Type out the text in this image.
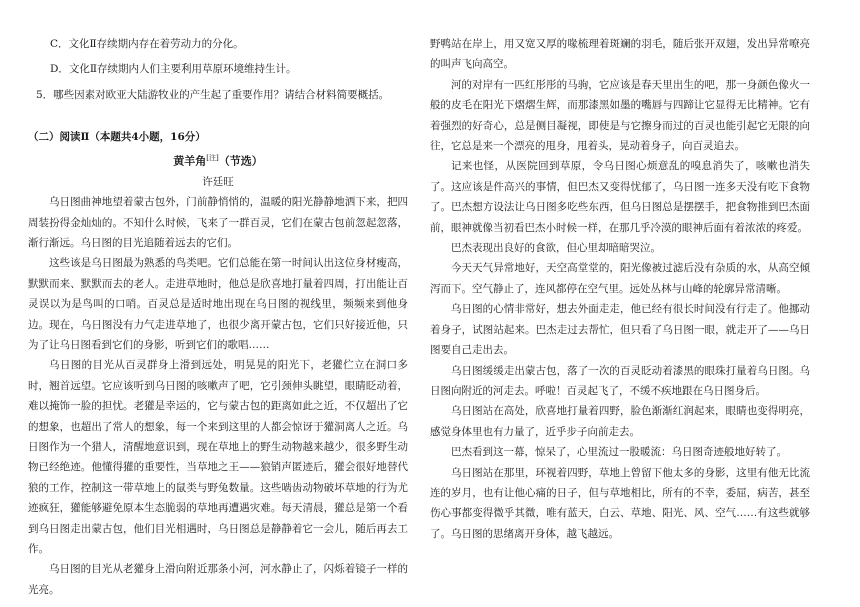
C．文化Ⅱ存续期内存在着劳动力的分化。

D．文化Ⅱ存续期内人们主要利用草原环境维持生计。

5．哪些因素对欧亚大陆游牧业的产生起了重要作用？请结合材料简要概括。

（二）阅读Ⅱ（本题共4小题，16分）

黄羊角[注]（节选）

许廷旺

乌日图曲神地望着蒙古包外，门前静悄悄的，温暖的阳光静静地洒下来，把四周装扮得金灿灿的。不知什么时候，飞来了一群百灵，它们在蒙古包前忽起忽落，渐行渐远。乌日图的目光追随着远去的它们。

这些该是乌日图最为熟悉的鸟类吧。它们总能在第一时间认出这位身材瘦高，默默而来、默默而去的老人。走进草地时，他总是欣喜地打量着四周，打出能让百灵误以为是鸟叫的口哨。百灵总是适时地出现在乌日图的视线里，频频来到他身边。现在，乌日图没有力气走进草地了，也很少离开蒙古包，它们只好接近他，只为了让乌日图看到它们的身影，听到它们的歌唱……

乌日图的目光从百灵群身上滑到远处，明晃晃的阳光下，老獾伫立在洞口多时，翘首远望。它应该听到乌日图的咳嗽声了吧，它引颈伸头眺望，眼睛眨动着，难以掩饰一脸的担忧。老獾是幸运的，它与蒙古包的距离如此之近，不仅超出了它的想象，也超出了常人的想象，每一个来到这里的人都会惊讶于獾洞离人之近。乌日图作为一个猎人，清醒地意识到，现在草地上的野生动物越来越少，很多野生动物已经绝迹。他懂得獾的重要性，当草地之王——狼销声匿迹后，獾会很好地替代狼的工作，控制这一带草地上的鼠类与野兔数量。这些啮齿动物破坏草地的行为尤迹疯狂，獾能够避免原本生态脆弱的草地再遭遇灾难。每天清晨，獾总是第一个看到乌日图走出蒙古包，他们目光相遇时，乌日图总是静静着它一会儿，随后再去工作。

乌日图的目光从老獾身上滑向附近那条小河，河水静止了，闪烁着镜子一样的光亮。

野鸭站在岸上，用又宽又厚的喙梳理着斑斓的羽毛，随后张开双翅，发出异常嘹亮的叫声飞向高空。

河的对岸有一匹红彤彤的马驹，它应该是春天里出生的吧，那一身颜色像火一般的皮毛在阳光下熠熠生辉，而那漆黑如墨的嘴唇与四蹄让它显得无比精神。它有着强烈的好奇心，总是侧目凝视，即使是与它擦身而过的百灵也能引起它无限的向往，它总是来一个漂亮的甩身，甩着头，晃动着身子，向百灵追去。

记来也怪，从医院回到草原，令乌日图心烦意乱的嗅息消失了，咳嗽也消失了。这应该是件高兴的事情，但巴杰又变得忧郁了，乌日图一连多天没有吃下食物了。巴杰想方设法让乌日图多吃些东西，但乌日图总是摆摆手，把食物推到巴杰面前，眼神就像当初看巴杰小时候一样，在那几乎冷漠的眼神后面有着浓浓的疼爱。

巴杰表现出良好的食欲，但心里却暗暗哭泣。

今天天气异常地好，天空高堂堂的，阳光像被过滤后没有杂质的水，从高空倾泻而下。空气静止了，连风都停在空气里。远处丛林与山峰的轮廓异常清晰。

乌日图的心情非常好，想去外面走走，他已经有很长时间没有行走了。他挪动着身子，试图站起来。巴杰走过去帮忙，但只看了乌日图一眼，就走开了——乌日图要自己走出去。

乌日图缓缓走出蒙古包，落了一次的百灵眨动着漆黑的眼珠打量着乌日图。乌日图向附近的河走去。呼啦！百灵起飞了，不缓不疾地跟在乌日图身后。

乌日图站在高处，欣喜地打量着四野，脸色渐渐红润起来，眼睛也变得明亮，感觉身体里也有力量了，近乎步子向前走去。

巴杰看到这一幕，惊呆了，心里流过一股暖流：乌日图奇迹般地好转了。

乌日图站在那里，环视着四野，草地上曾留下他太多的身影，这里有他无比流连的岁月，也有让他心痛的日子，但与草地相比，所有的不幸，委屈，病苦，甚至伤心事都变得微乎其微，唯有蓝天，白云、草地、阳光、风、空气……有这些就够了。乌日图的思绪离开身体，越飞越远。
